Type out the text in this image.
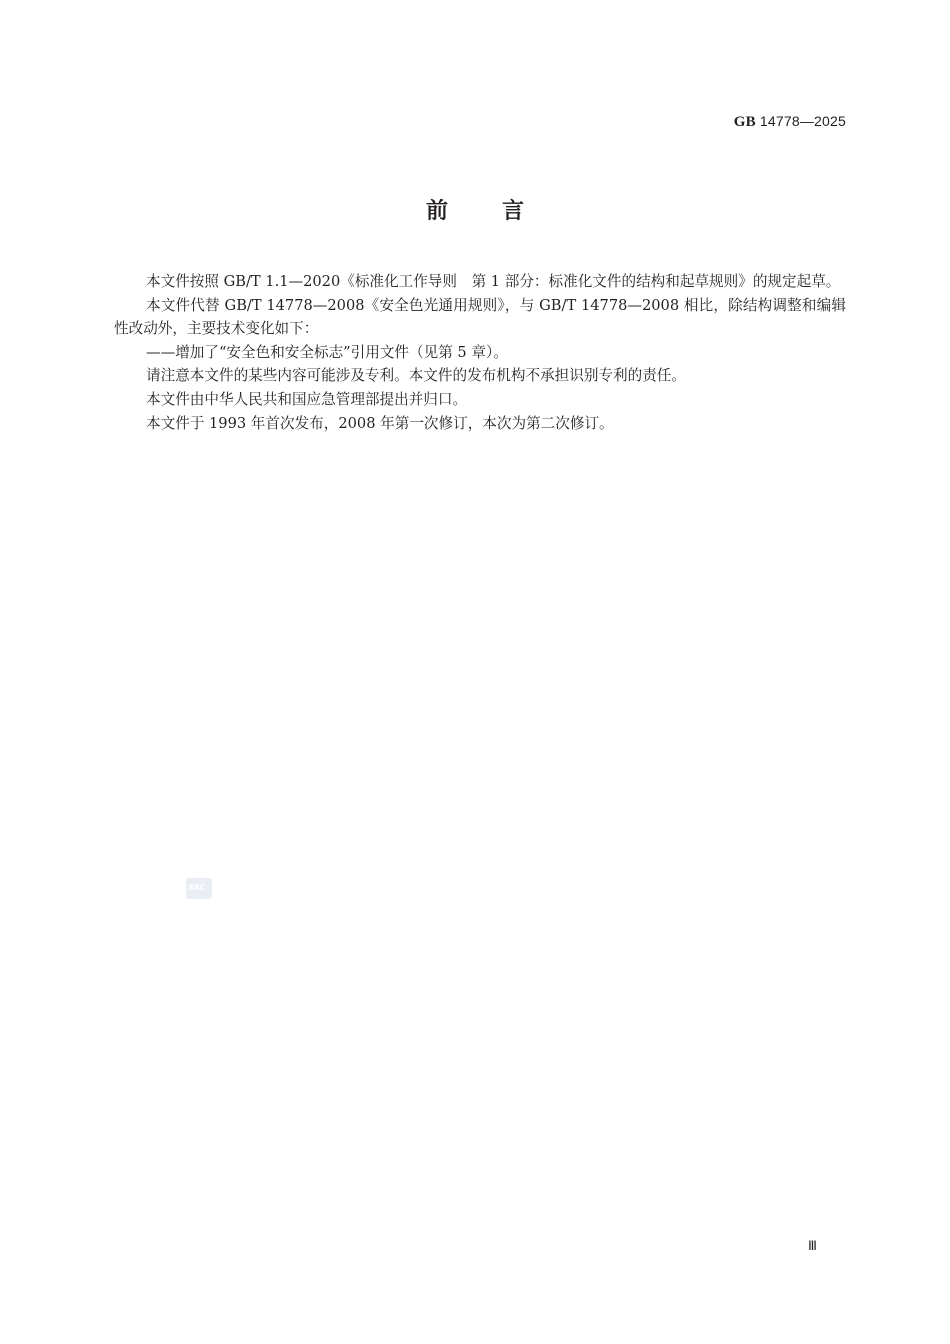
GB 14778—2025
前 言

本文件按照 GB/T 1.1—2020《标准化工作导则　第 1 部分：标准化文件的结构和起草规则》的规定起草。

本文件代替 GB/T 14778—2008《安全色光通用规则》，与 GB/T 14778—2008 相比，除结构调整和编辑性改动外，主要技术变化如下：

——增加了“安全色和安全标志”引用文件（见第 5 章）。

请注意本文件的某些内容可能涉及专利。本文件的发布机构不承担识别专利的责任。

本文件由中华人民共和国应急管理部提出并归口。

本文件于 1993 年首次发布，2008 年第一次修订，本次为第二次修订。

SAC
Ⅲ
